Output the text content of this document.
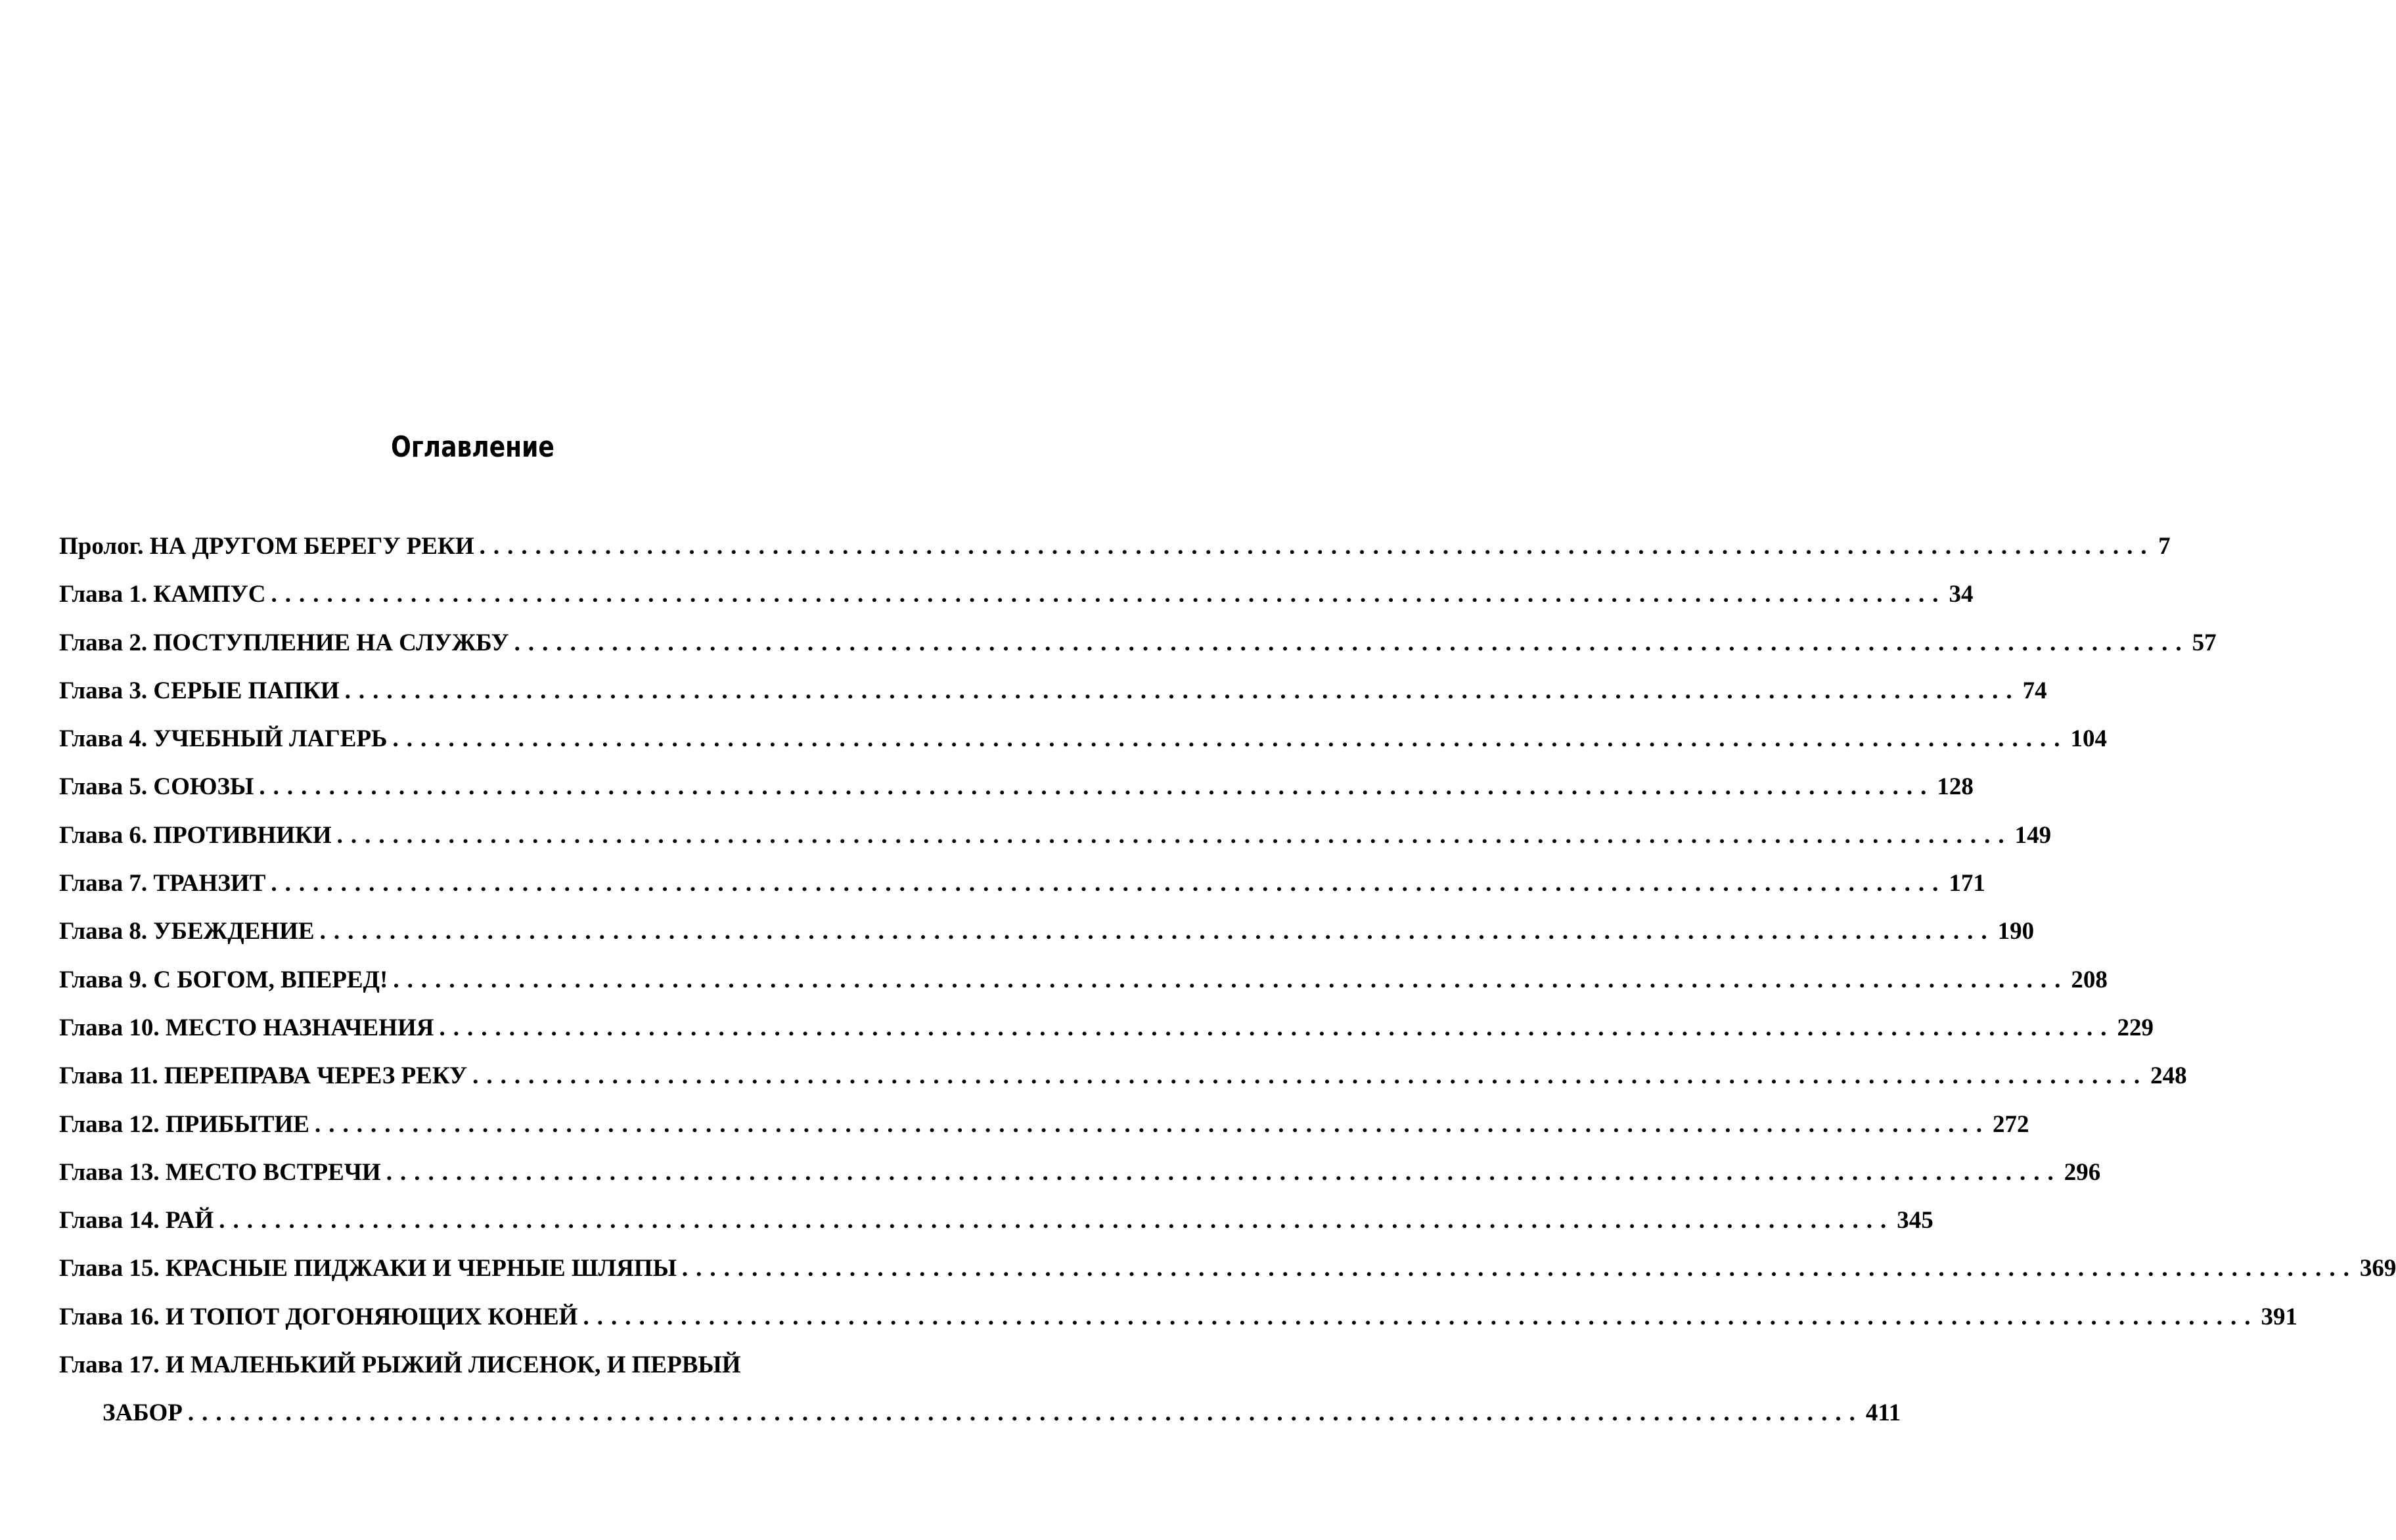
Оглавление
Пролог. НА ДРУГОМ БЕРЕГУ РЕКИ ........................................................................................................................ 7
Глава 1. КАМПУС ........................................................................................................................ 34
Глава 2. ПОСТУПЛЕНИЕ НА СЛУЖБУ ........................................................................................................................ 57
Глава 3. СЕРЫЕ ПАПКИ ........................................................................................................................ 74
Глава 4. УЧЕБНЫЙ ЛАГЕРЬ ........................................................................................................................ 104
Глава 5. СОЮЗЫ ........................................................................................................................ 128
Глава 6. ПРОТИВНИКИ ........................................................................................................................ 149
Глава 7. ТРАНЗИТ ........................................................................................................................ 171
Глава 8. УБЕЖДЕНИЕ ........................................................................................................................ 190
Глава 9. С БОГОМ, ВПЕРЕД! ........................................................................................................................ 208
Глава 10. МЕСТО НАЗНАЧЕНИЯ ........................................................................................................................ 229
Глава 11. ПЕРЕПРАВА ЧЕРЕЗ РЕКУ ........................................................................................................................ 248
Глава 12. ПРИБЫТИЕ ........................................................................................................................ 272
Глава 13. МЕСТО ВСТРЕЧИ ........................................................................................................................ 296
Глава 14. РАЙ ........................................................................................................................ 345
Глава 15. КРАСНЫЕ ПИДЖАКИ И ЧЕРНЫЕ ШЛЯПЫ ........................................................................................................................ 369
Глава 16. И ТОПОТ ДОГОНЯЮЩИХ КОНЕЙ ........................................................................................................................ 391
Глава 17. И МАЛЕНЬКИЙ РЫЖИЙ ЛИСЕНОК, И ПЕРВЫЙ
ЗАБОР ........................................................................................................................ 411
